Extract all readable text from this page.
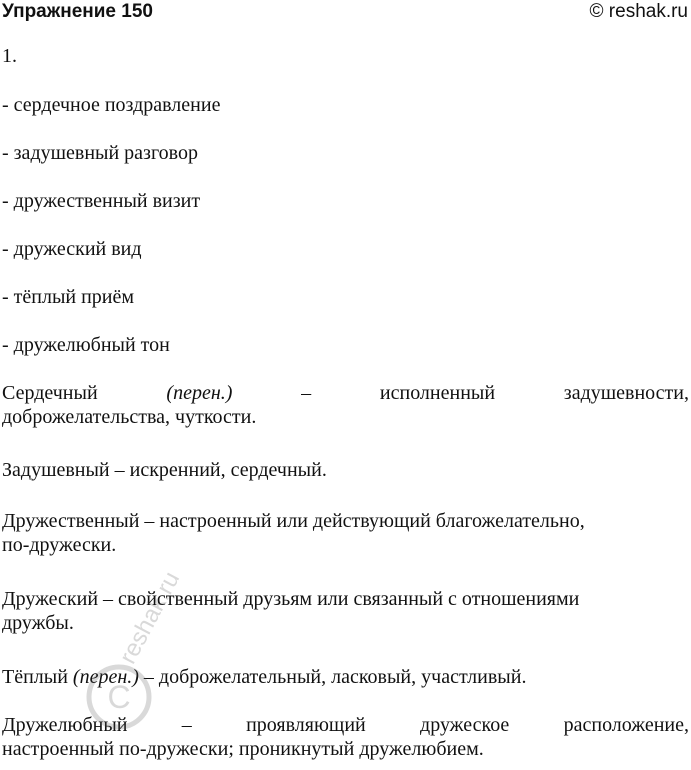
Упражнение 150	© reshak.ru
1.
- сердечное поздравление
- задушевный разговор
- дружественный визит
- дружеский вид
- тёплый приём
- дружелюбный тон
Сердечный	(перен.)	–	исполненный	задушевности,
доброжелательства, чуткости.
Задушевный – искренний, сердечный.
Дружественный – настроенный или действующий благожелательно,
по-дружески.
Дружеский – свойственный друзьям или связанный с отношениями
дружбы.
Тёплый (перен.) – доброжелательный, ласковый, участливый.
Дружелюбный	–	проявляющий	дружеское	расположение,
настроенный по-дружески; проникнутый дружелюбием.
C
reshak.ru
